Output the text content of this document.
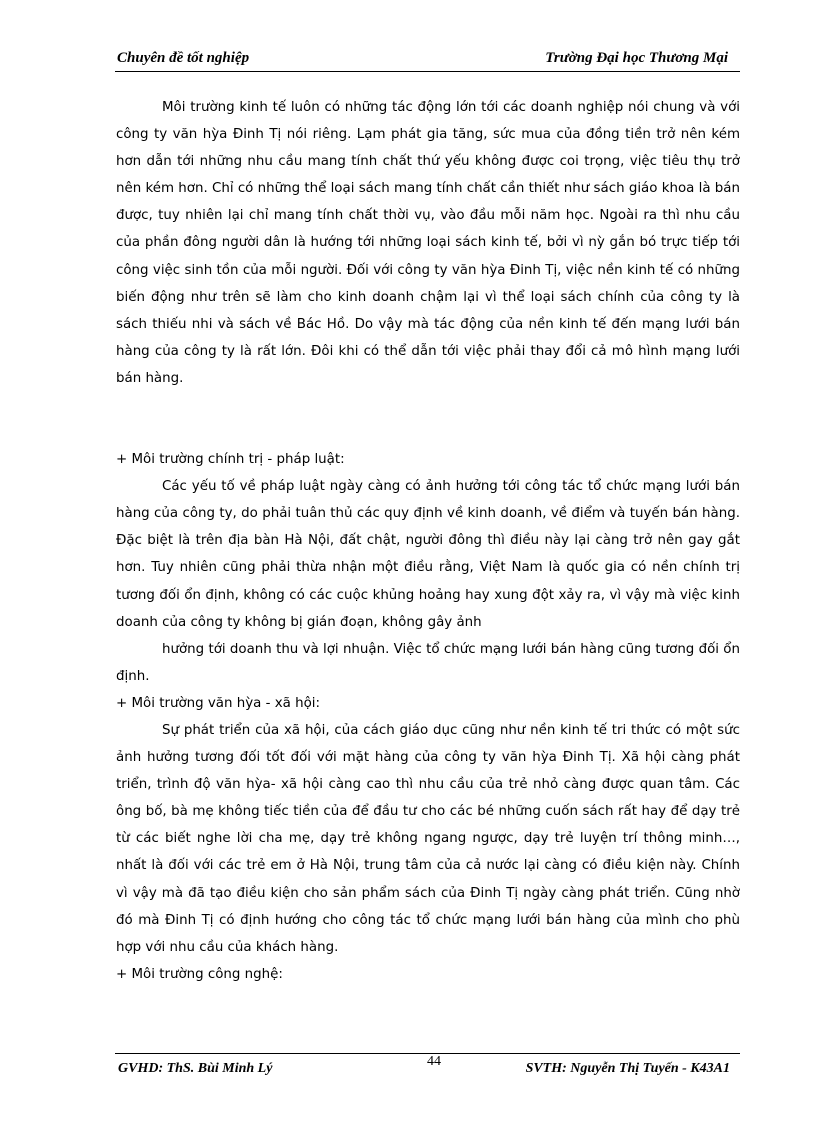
Chuyên đề tốt nghiệp	Trường Đại học Thương Mại

Môi trường kinh tế luôn có những tác động lớn tới các doanh nghiệp nói chung và với công ty văn hỳa Đinh Tị nói riêng. Lạm phát gia tăng, sức mua của đồng tiền trở nên kém hơn dẫn tới những nhu cầu mang tính chất thứ yếu không được coi trọng, việc tiêu thụ trở nên kém hơn. Chỉ có những thể loại sách mang tính chất cần thiết như sách giáo khoa là bán được, tuy nhiên lại chỉ mang tính chất thời vụ, vào đầu mỗi năm học. Ngoài ra thì nhu cầu của phần đông người dân là hướng tới những loại sách kinh tế, bởi vì nỳ gắn bó trực tiếp tới công việc sinh tồn của mỗi người. Đối với công ty văn hỳa Đinh Tị, việc nền kinh tế có những biến động như trên sẽ làm cho kinh doanh chậm lại vì thể loại sách chính của công ty là sách thiếu nhi và sách về Bác Hồ. Do vậy mà tác động của nền kinh tế đến mạng lưới bán hàng của công ty là rất lớn. Đôi khi có thể dẫn tới việc phải thay đổi cả mô hình mạng lưới bán hàng.

+ Môi trường chính trị - pháp luật:

Các yếu tố về pháp luật ngày càng có ảnh hưởng tới công tác tổ chức mạng lưới bán hàng của công ty, do phải tuân thủ các quy định về kinh doanh, về điểm và tuyến bán hàng. Đặc biệt là trên địa bàn Hà Nội, đất chật, người đông thì điều này lại càng trở nên gay gắt hơn. Tuy nhiên cũng phải thừa nhận một điều rằng, Việt Nam là quốc gia có nền chính trị tương đối ổn định, không có các cuộc khủng hoảng hay xung đột xảy ra, vì vậy mà việc kinh doanh của công ty không bị gián đoạn, không gây ảnh

hưởng tới doanh thu và lợi nhuận. Việc tổ chức mạng lưới bán hàng cũng tương đối ổn định.

+ Môi trường văn hỳa - xã hội:

Sự phát triển của xã hội, của cách giáo dục cũng như nền kinh tế tri thức có một sức ảnh hưởng tương đối tốt đối với mặt hàng của công ty văn hỳa Đinh Tị. Xã hội càng phát triển, trình độ văn hỳa- xã hội càng cao thì nhu cầu của trẻ nhỏ càng được quan tâm. Các ông bố, bà mẹ không tiếc tiền của để đầu tư cho các bé những cuốn sách rất hay để dạy trẻ từ các biết nghe lời cha mẹ, dạy trẻ không ngang ngược, dạy trẻ luyện trí thông minh…, nhất là đối với các trẻ em ở Hà Nội, trung tâm của cả nước lại càng có điều kiện này. Chính vì vậy mà đã tạo điều kiện cho sản phẩm sách của Đinh Tị ngày càng phát triển. Cũng nhờ đó mà Đinh Tị có định hướng cho công tác tổ chức mạng lưới bán hàng của mình cho phù hợp với nhu cầu của khách hàng.

+ Môi trường công nghệ:

GVHD: ThS. Bùi Minh Lý	44	SVTH: Nguyễn Thị Tuyến - K43A1
